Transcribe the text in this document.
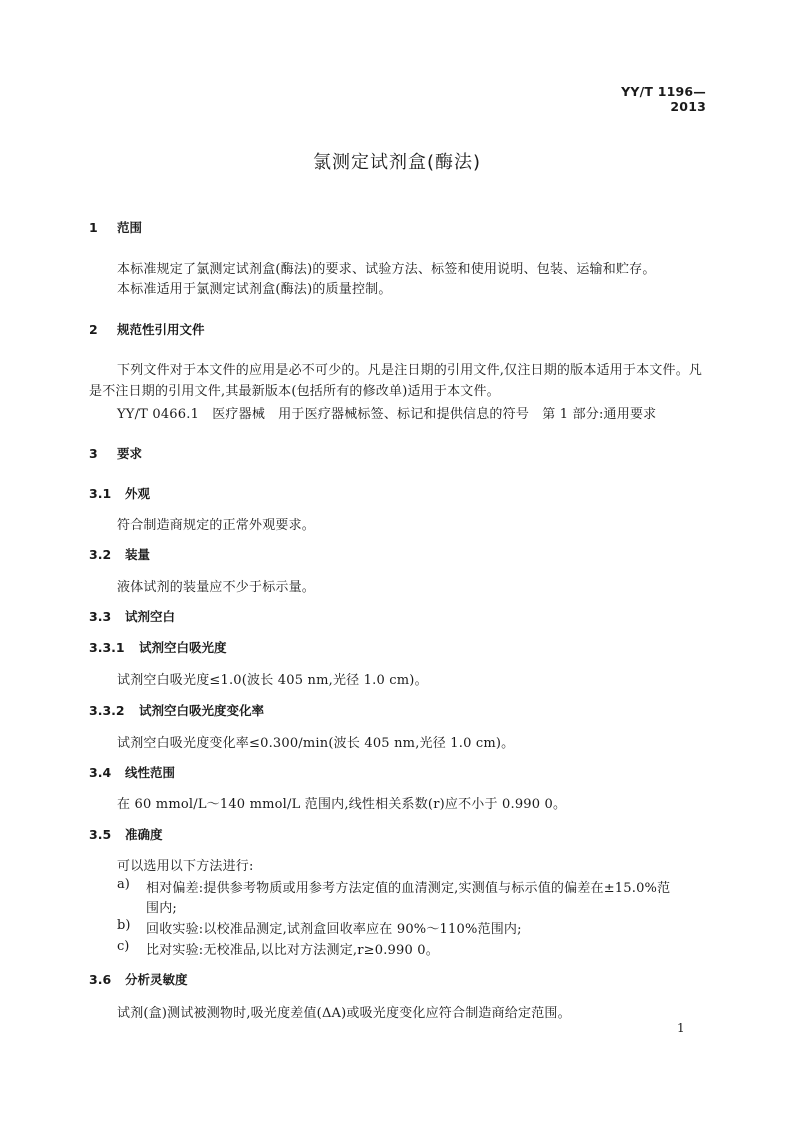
YY/T 1196—2013
氯测定试剂盒(酶法)
1 范围
本标准规定了氯测定试剂盒(酶法)的要求、试验方法、标签和使用说明、包装、运输和贮存。
本标准适用于氯测定试剂盒(酶法)的质量控制。
2 规范性引用文件
下列文件对于本文件的应用是必不可少的。凡是注日期的引用文件,仅注日期的版本适用于本文件。凡是不注日期的引用文件,其最新版本(包括所有的修改单)适用于本文件。
YY/T 0466.1　医疗器械　用于医疗器械标签、标记和提供信息的符号　第 1 部分:通用要求
3 要求
3.1 外观
符合制造商规定的正常外观要求。
3.2 装量
液体试剂的装量应不少于标示量。
3.3 试剂空白
3.3.1 试剂空白吸光度
试剂空白吸光度≤1.0(波长 405 nm,光径 1.0 cm)。
3.3.2 试剂空白吸光度变化率
试剂空白吸光度变化率≤0.300/min(波长 405 nm,光径 1.0 cm)。
3.4 线性范围
在 60 mmol/L～140 mmol/L 范围内,线性相关系数(r)应不小于 0.990 0。
3.5 准确度
可以选用以下方法进行:
a) 相对偏差:提供参考物质或用参考方法定值的血清测定,实测值与标示值的偏差在±15.0%范
围内;
b) 回收实验:以校准品测定,试剂盒回收率应在 90%～110%范围内;
c) 比对实验:无校准品,以比对方法测定,r≥0.990 0。
3.6 分析灵敏度
试剂(盒)测试被测物时,吸光度差值(ΔA)或吸光度变化应符合制造商给定范围。
1
